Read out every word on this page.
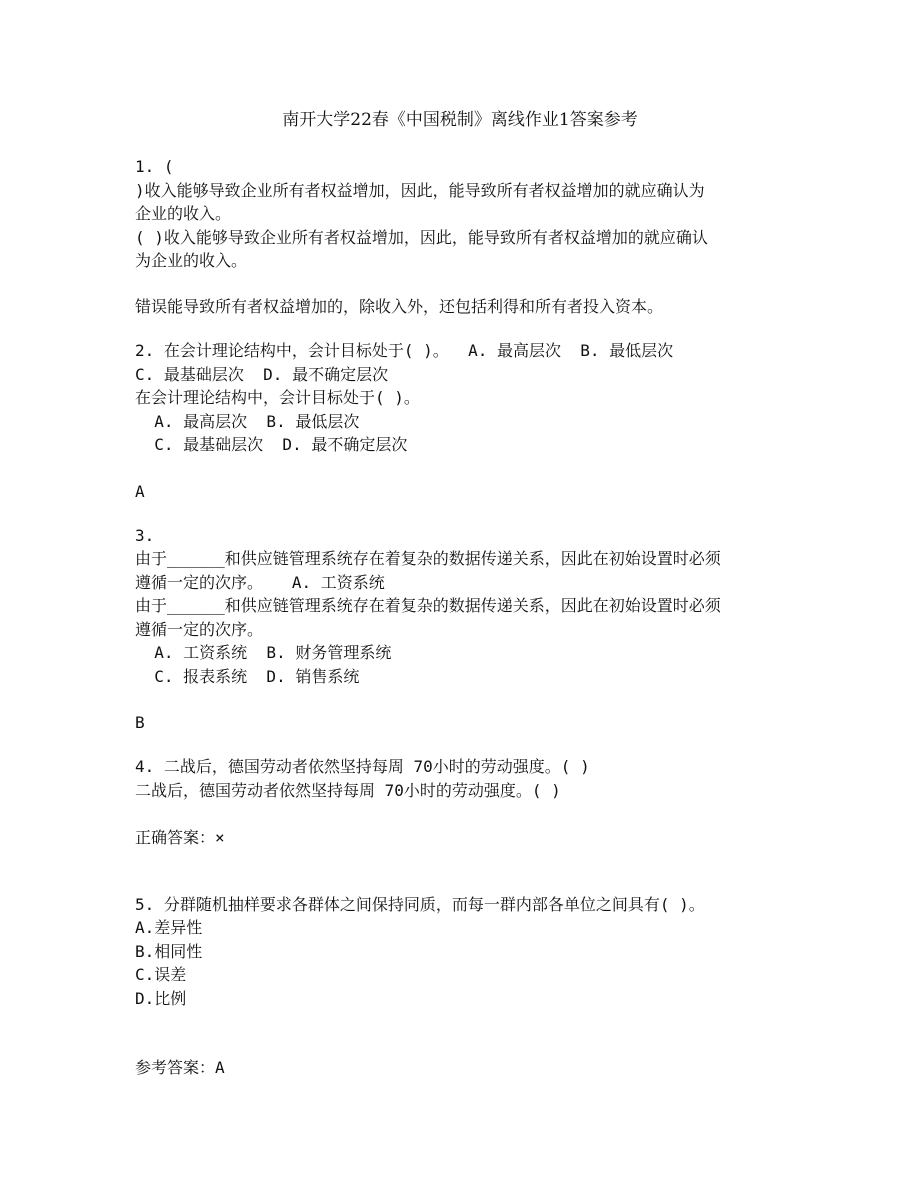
南开大学22春《中国税制》离线作业1答案参考
1. (
)收入能够导致企业所有者权益增加，因此，能导致所有者权益增加的就应确认为
企业的收入。
( )收入能够导致企业所有者权益增加，因此，能导致所有者权益增加的就应确认
为企业的收入。
错误能导致所有者权益增加的，除收入外，还包括利得和所有者投入资本。
2. 在会计理论结构中，会计目标处于( )。  A. 最高层次  B. 最低层次
C. 最基础层次  D. 最不确定层次
在会计理论结构中，会计目标处于( )。
A. 最高层次  B. 最低层次
C. 最基础层次  D. 最不确定层次
A
3.
由于______和供应链管理系统存在着复杂的数据传递关系，因此在初始设置时必须
遵循一定的次序。   A. 工资系统
由于______和供应链管理系统存在着复杂的数据传递关系，因此在初始设置时必须
遵循一定的次序。
A. 工资系统  B. 财务管理系统
C. 报表系统  D. 销售系统
B
4. 二战后，德国劳动者依然坚持每周 70小时的劳动强度。( )
二战后，德国劳动者依然坚持每周 70小时的劳动强度。( )
正确答案：×
5. 分群随机抽样要求各群体之间保持同质，而每一群内部各单位之间具有( )。
A.差异性
B.相同性
C.误差
D.比例
参考答案：A
